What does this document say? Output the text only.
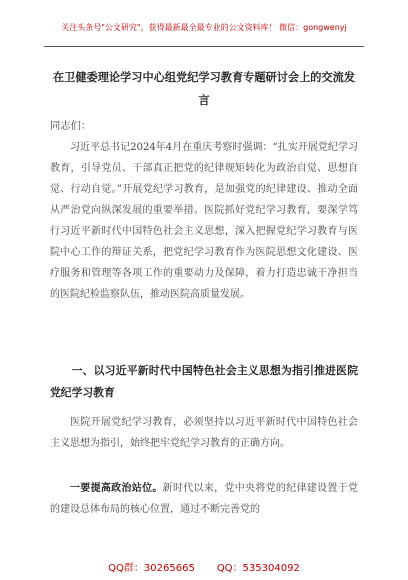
关注头条号"公文研究"，获得最新最全最专业的公文资料库！ 微信：gongwenyj
在卫健委理论学习中心组党纪学习教育专题研讨会上的交流发言
同志们：

习近平总书记2024年4月在重庆考察时强调：“扎实开展党纪学习教育，引导党员、干部真正把党的纪律规矩转化为政治自觉、思想自觉、行动自觉。”开展党纪学习教育，是加强党的纪律建设、推动全面从严治党向纵深发展的重要举措。医院抓好党纪学习教育，要深学笃行习近平新时代中国特色社会主义思想，深入把握党纪学习教育与医院中心工作的辩证关系，把党纪学习教育作为医院思想文化建设、医疗服务和管理等各项工作的重要动力及保障，着力打造忠诚干净担当的医院纪检监察队伍，推动医院高质量发展。

一、以习近平新时代中国特色社会主义思想为指引推进医院党纪学习教育

医院开展党纪学习教育，必须坚持以习近平新时代中国特色社会主义思想为指引，始终把牢党纪学习教育的正确方向。

一要提高政治站位。新时代以来，党中央将党的纪律建设置于党的建设总体布局的核心位置，通过不断完善党的

QQ群：30265665 QQ：535304092
